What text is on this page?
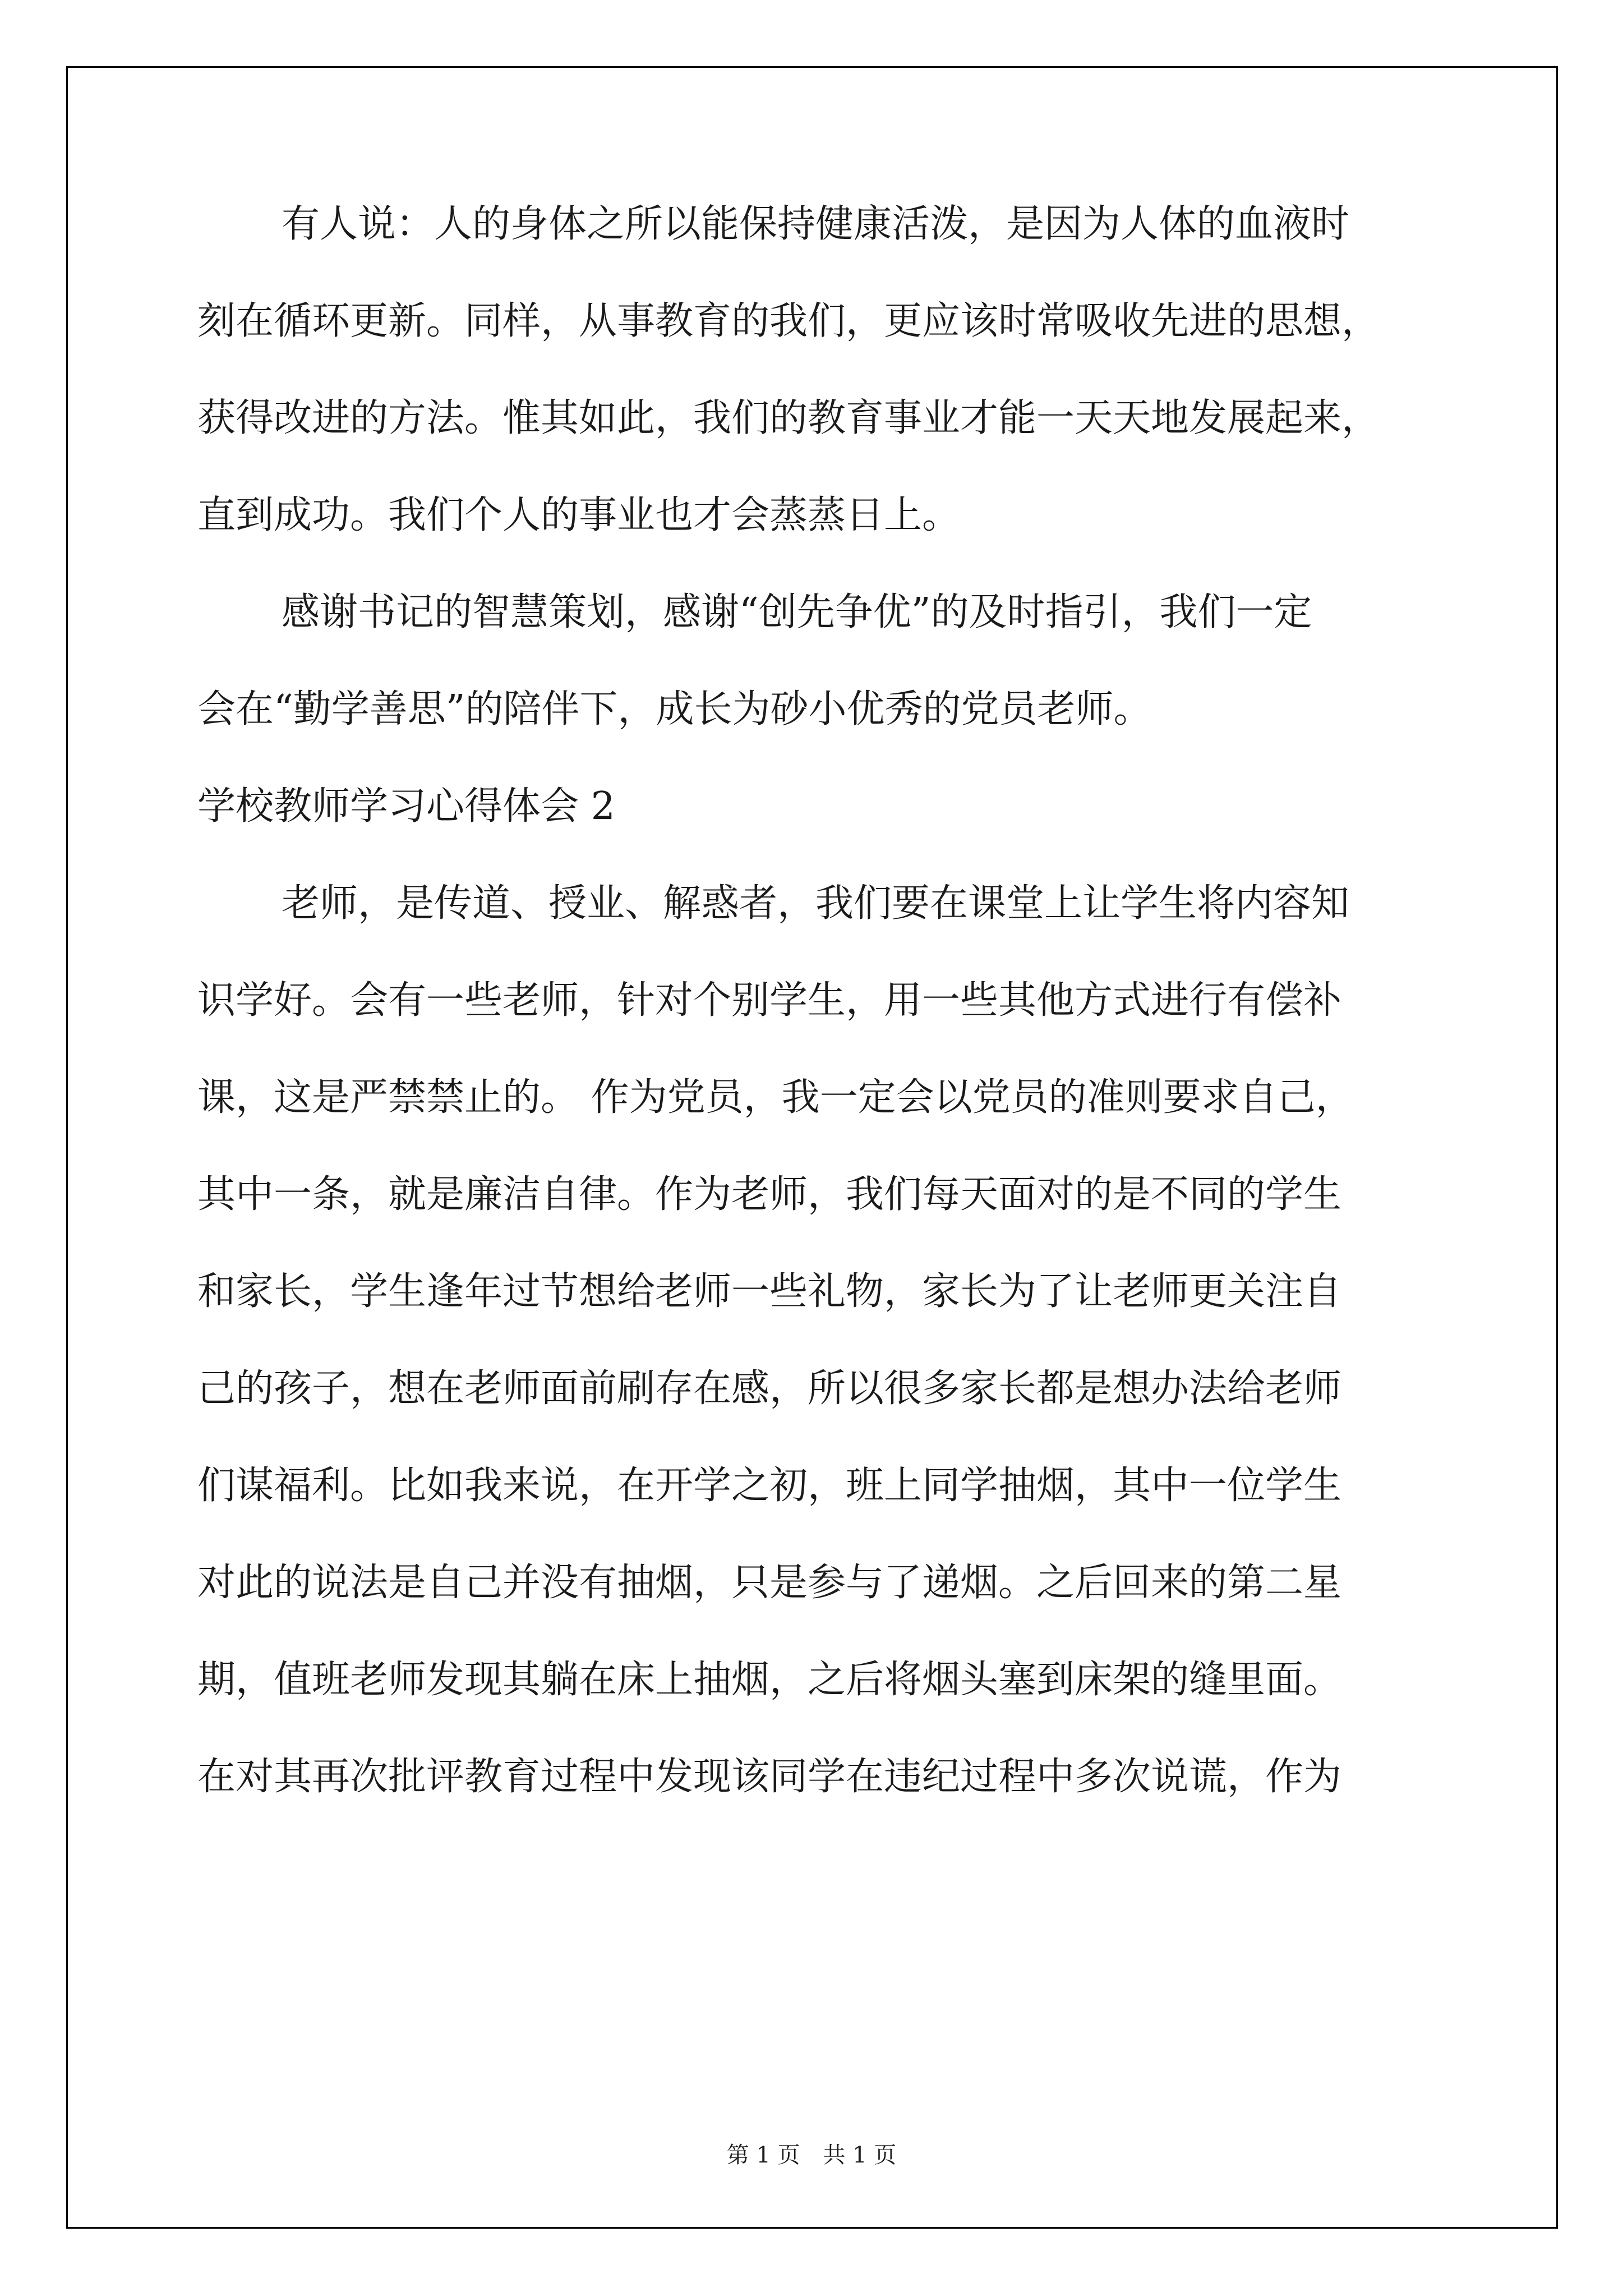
有人说：人的身体之所以能保持健康活泼，是因为人体的血液时
刻在循环更新。同样，从事教育的我们，更应该时常吸收先进的思想，
获得改进的方法。惟其如此，我们的教育事业才能一天天地发展起来，
直到成功。我们个人的事业也才会蒸蒸日上。
感谢书记的智慧策划，感谢“创先争优”的及时指引，我们一定
会在“勤学善思”的陪伴下，成长为砂小优秀的党员老师。
学校教师学习心得体会 2
老师，是传道、授业、解惑者，我们要在课堂上让学生将内容知
识学好。会有一些老师，针对个别学生，用一些其他方式进行有偿补
课，这是严禁禁止的。 作为党员，我一定会以党员的准则要求自己，
其中一条，就是廉洁自律。作为老师，我们每天面对的是不同的学生
和家长，学生逢年过节想给老师一些礼物，家长为了让老师更关注自
己的孩子，想在老师面前刷存在感，所以很多家长都是想办法给老师
们谋福利。比如我来说，在开学之初，班上同学抽烟，其中一位学生
对此的说法是自己并没有抽烟，只是参与了递烟。之后回来的第二星
期，值班老师发现其躺在床上抽烟，之后将烟头塞到床架的缝里面。
在对其再次批评教育过程中发现该同学在违纪过程中多次说谎，作为
第 1 页 共 1 页
